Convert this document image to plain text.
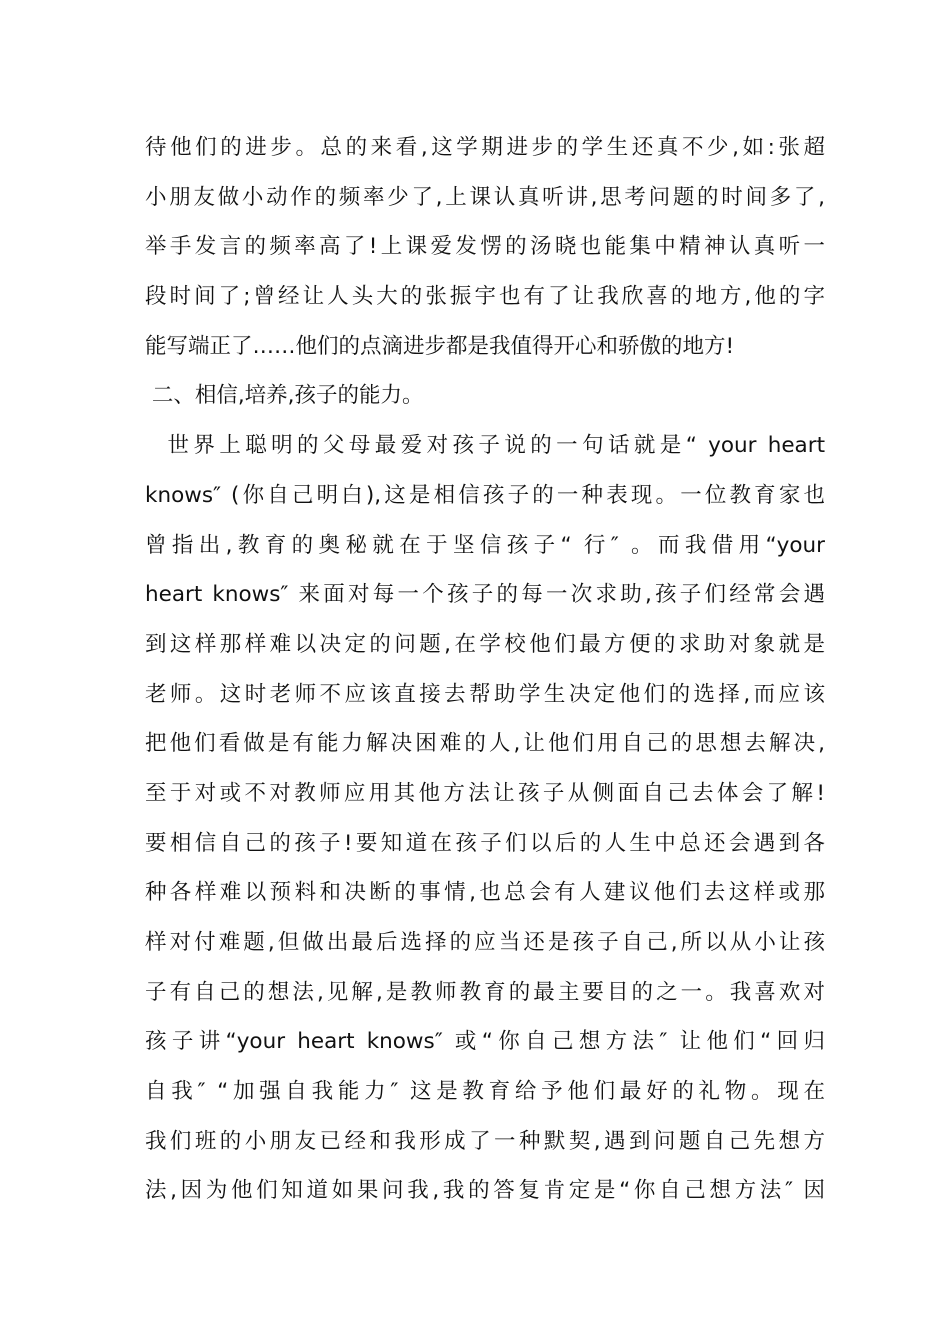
待他们的进步。总的来看,这学期进步的学生还真不少,如:张超
小朋友做小动作的频率少了,上课认真听讲,思考问题的时间多了,
举手发言的频率高了!上课爱发愣的汤晓也能集中精神认真听一
段时间了;曾经让人头大的张振宇也有了让我欣喜的地方,他的字
能写端正了……他们的点滴进步都是我值得开心和骄傲的地方!
二、相信,培养,孩子的能力。
世界上聪明的父母最爱对孩子说的一句话就是“ your heart
knows″ (你自己明白),这是相信孩子的一种表现。一位教育家也
曾指出,教育的奥秘就在于坚信孩子“ 行″ 。而我借用“your
heart knows″ 来面对每一个孩子的每一次求助,孩子们经常会遇
到这样那样难以决定的问题,在学校他们最方便的求助对象就是
老师。这时老师不应该直接去帮助学生决定他们的选择,而应该
把他们看做是有能力解决困难的人,让他们用自己的思想去解决,
至于对或不对教师应用其他方法让孩子从侧面自己去体会了解!
要相信自己的孩子!要知道在孩子们以后的人生中总还会遇到各
种各样难以预料和决断的事情,也总会有人建议他们去这样或那
样对付难题,但做出最后选择的应当还是孩子自己,所以从小让孩
子有自己的想法,见解,是教师教育的最主要目的之一。我喜欢对
孩子讲“your heart knows″ 或“你自己想方法″ 让他们“回归
自我″ “加强自我能力″ 这是教育给予他们最好的礼物。现在
我们班的小朋友已经和我形成了一种默契,遇到问题自己先想方
法,因为他们知道如果问我,我的答复肯定是“你自己想方法″ 因
